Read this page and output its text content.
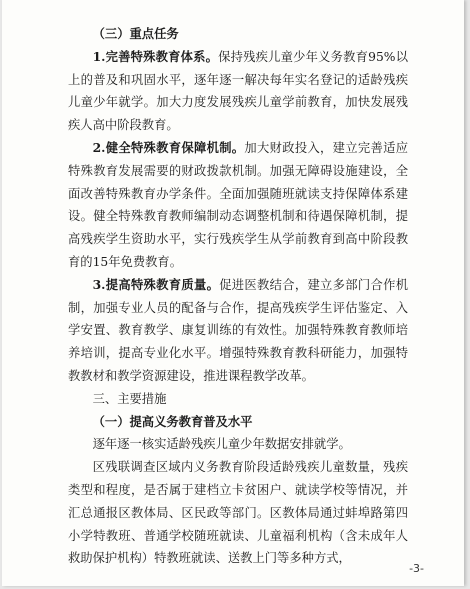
（三）重点任务

1.完善特殊教育体系。保持残疾儿童少年义务教育95%以上的普及和巩固水平，逐年逐一解决每年实名登记的适龄残疾儿童少年就学。加大力度发展残疾儿童学前教育，加快发展残疾人高中阶段教育。

2.健全特殊教育保障机制。加大财政投入，建立完善适应特殊教育发展需要的财政拨款机制。加强无障碍设施建设，全面改善特殊教育办学条件。全面加强随班就读支持保障体系建设。健全特殊教育教师编制动态调整机制和待遇保障机制，提高残疾学生资助水平，实行残疾学生从学前教育到高中阶段教育的15年免费教育。

3.提高特殊教育质量。促进医教结合，建立多部门合作机制，加强专业人员的配备与合作，提高残疾学生评估鉴定、入学安置、教育教学、康复训练的有效性。加强特殊教育教师培养培训，提高专业化水平。增强特殊教育教科研能力，加强特教教材和教学资源建设，推进课程教学改革。

三、主要措施

（一）提高义务教育普及水平

逐年逐一核实适龄残疾儿童少年数据安排就学。

区残联调查区域内义务教育阶段适龄残疾儿童数量，残疾类型和程度，是否属于建档立卡贫困户、就读学校等情况，并汇总通报区教体局、区民政等部门。区教体局通过蚌埠路第四小学特教班、普通学校随班就读、儿童福利机构（含未成年人救助保护机构）特教班就读、送教上门等多种方式，

-3-
